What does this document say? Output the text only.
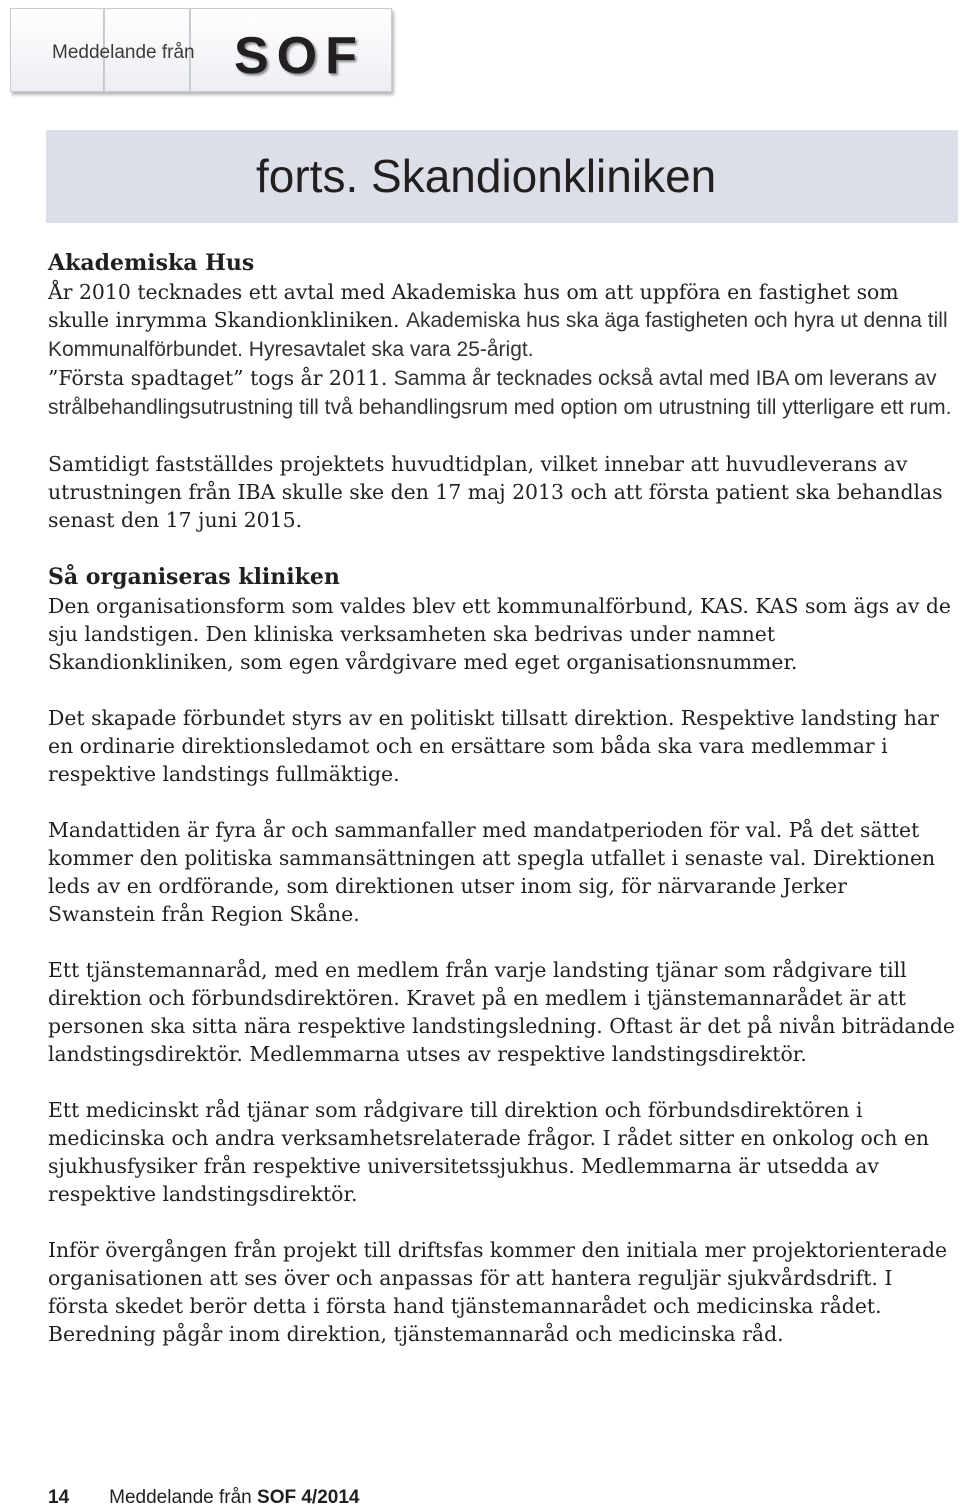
Meddelande från SOF
forts. Skandionkliniken
Akademiska Hus

År 2010 tecknades ett avtal med Akademiska hus om att uppföra en fastighet som skulle inrymma Skandionkliniken. Akademiska hus ska äga fastigheten och hyra ut denna till Kommunalförbundet. Hyresavtalet ska vara 25-årigt.

”Första spadtaget” togs år 2011. Samma år tecknades också avtal med IBA om leverans av strålbehandlingsutrustning till två behandlingsrum med option om utrustning till ytterligare ett rum.

Samtidigt fastställdes projektets huvudtidplan, vilket innebar att huvudleverans av utrustningen från IBA skulle ske den 17 maj 2013 och att första patient ska behandlas senast den 17 juni 2015.

Så organiseras kliniken

Den organisationsform som valdes blev ett kommunalförbund, KAS. KAS som ägs av de sju landstigen. Den kliniska verksamheten ska bedrivas under namnet Skandionkliniken, som egen vårdgivare med eget organisationsnummer.

Det skapade förbundet styrs av en politiskt tillsatt direktion. Respektive landsting har en ordinarie direktionsledamot och en ersättare som båda ska vara medlemmar i respektive landstings fullmäktige.

Mandattiden är fyra år och sammanfaller med mandatperioden för val. På det sättet kommer den politiska sammansättningen att spegla utfallet i senaste val. Direktionen leds av en ordförande, som direktionen utser inom sig, för närvarande Jerker Swanstein från Region Skåne.

Ett tjänstemannaråd, med en medlem från varje landsting tjänar som rådgivare till direktion och förbundsdirektören. Kravet på en medlem i tjänstemannarådet är att personen ska sitta nära respektive landstingsledning. Oftast är det på nivån biträdande landstingsdirektör. Medlemmarna utses av respektive landstingsdirektör.

Ett medicinskt råd tjänar som rådgivare till direktion och förbundsdirektören i medicinska och andra verksamhetsrelaterade frågor. I rådet sitter en onkolog och en sjukhusfysiker från respektive universitetssjukhus. Medlemmarna är utsedda av respektive landstingsdirektör.

Inför övergången från projekt till driftsfas kommer den initiala mer projektorienterade organisationen att ses över och anpassas för att hantera reguljär sjukvårdsdrift. I första skedet berör detta i första hand tjänstemannarådet och medicinska rådet. Beredning pågår inom direktion, tjänstemannaråd och medicinska råd.

14 Meddelande från SOF 4/2014
